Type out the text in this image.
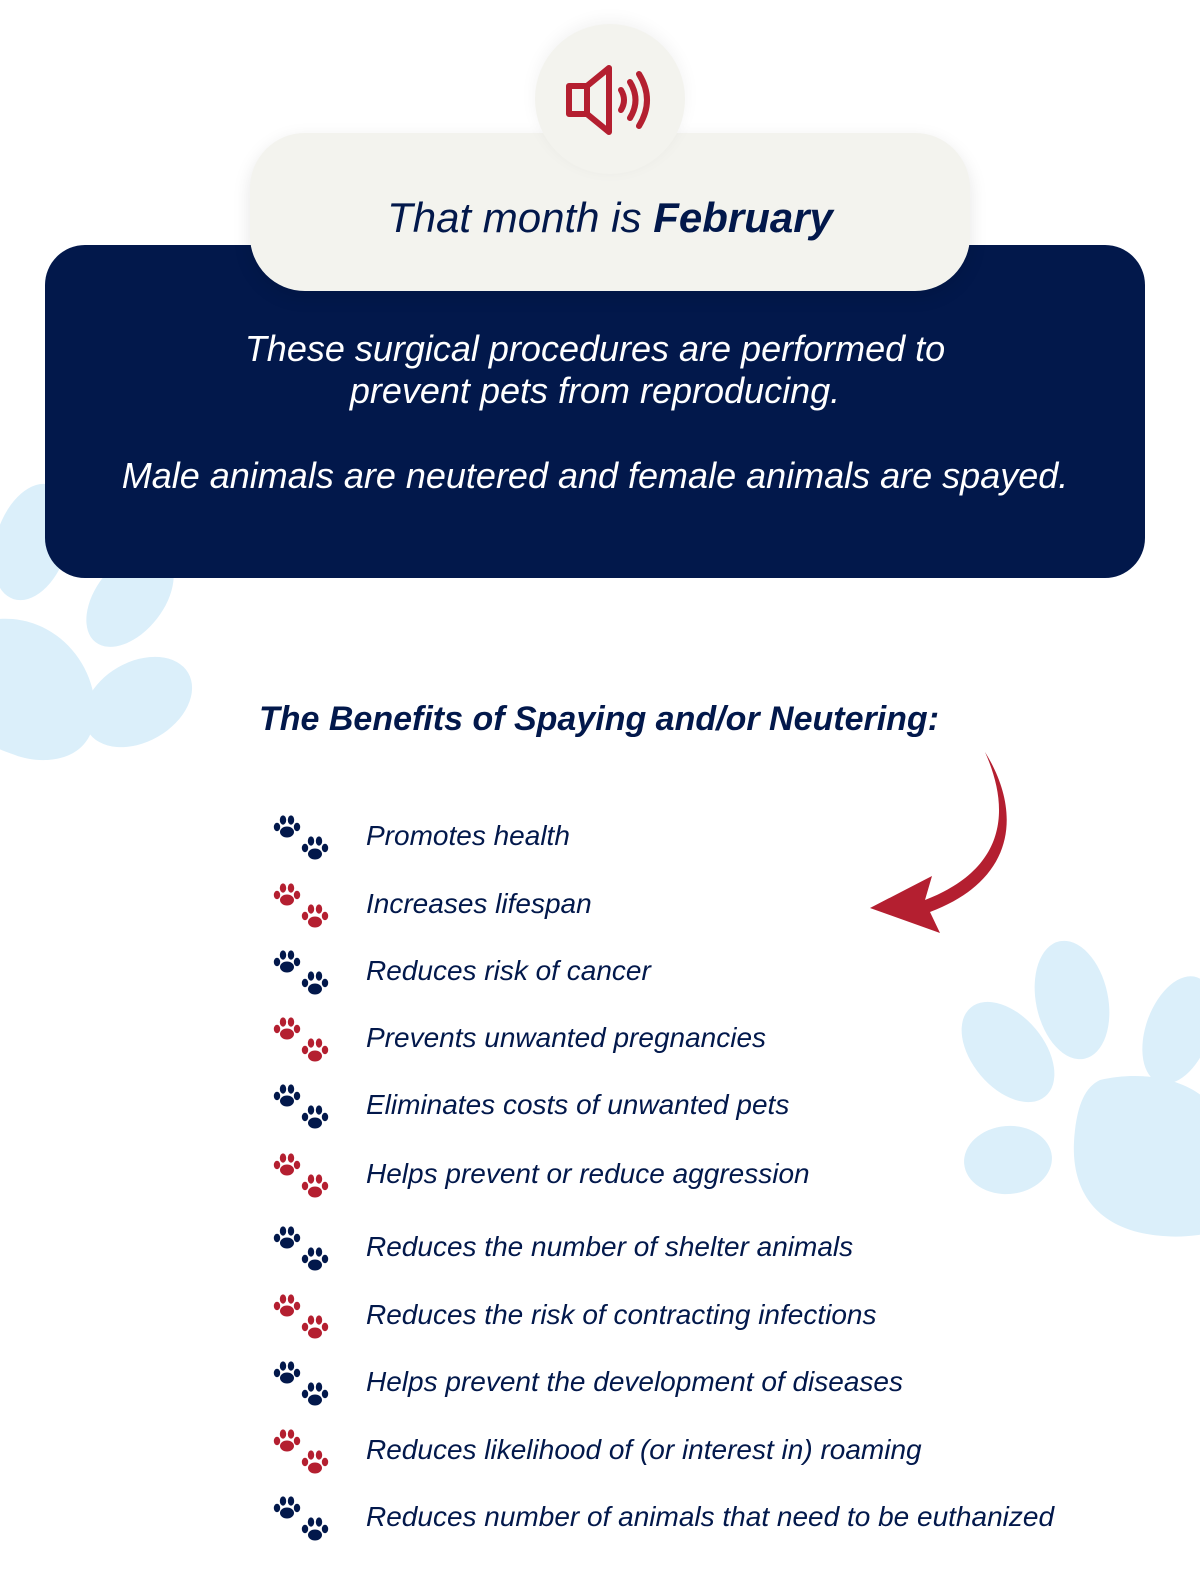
These surgical procedures are performed to prevent pets from reproducing.
Male animals are neutered and female animals are spayed.
That month is February
The Benefits of Spaying and/or Neutering:
Promotes health
Increases lifespan
Reduces risk of cancer
Prevents unwanted pregnancies
Eliminates costs of unwanted pets
Helps prevent or reduce aggression
Reduces the number of shelter animals
Reduces the risk of contracting infections
Helps prevent the development of diseases
Reduces likelihood of (or interest in) roaming
Reduces number of animals that need to be euthanized
